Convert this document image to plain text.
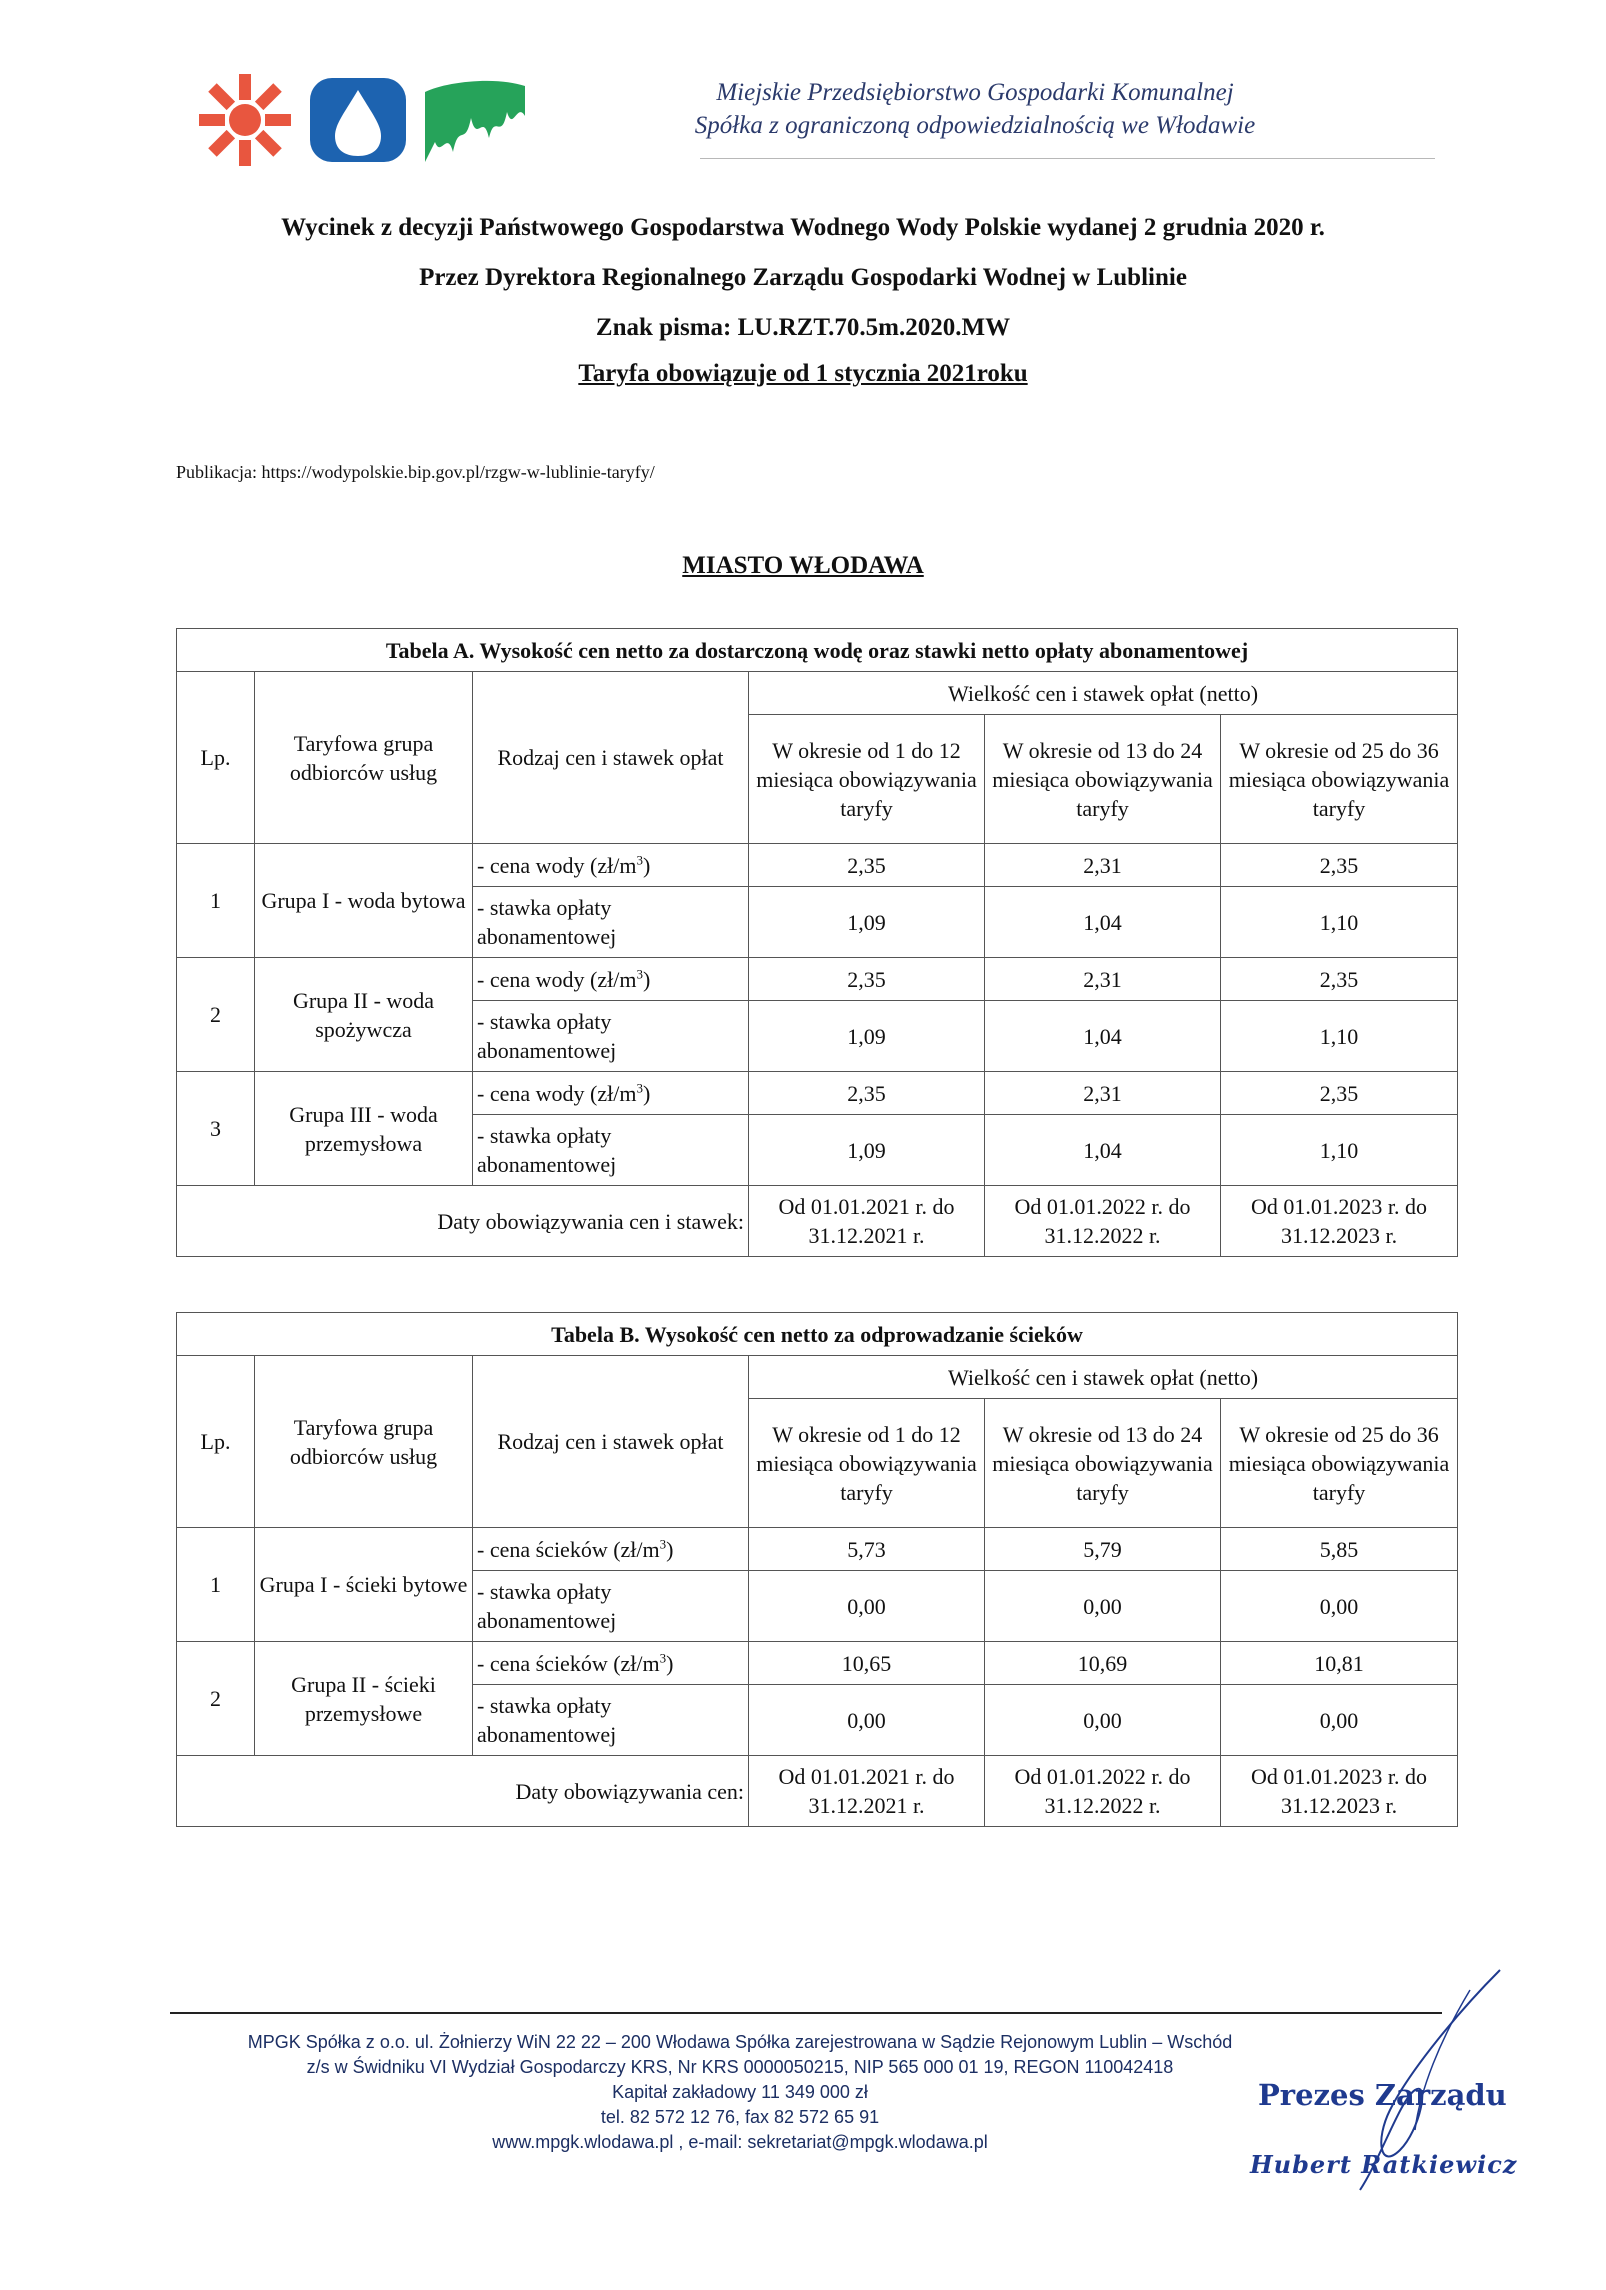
Miejskie Przedsiębiorstwo Gospodarki Komunalnej
Spółka z ograniczoną odpowiedzialnością we Włodawie
Wycinek z decyzji Państwowego Gospodarstwa Wodnego Wody Polskie wydanej 2 grudnia 2020 r.
Przez Dyrektora Regionalnego Zarządu Gospodarki Wodnej w Lublinie
Znak pisma: LU.RZT.70.5m.2020.MW
Taryfa obowiązuje od 1 stycznia 2021roku
Publikacja: https://wodypolskie.bip.gov.pl/rzgw-w-lublinie-taryfy/
MIASTO WŁODAWA
Tabela A. Wysokość cen netto za dostarczoną wodę oraz stawki netto opłaty abonamentowej					
Lp.	Taryfowa grupa odbiorców usług	Rodzaj cen i stawek opłat	Wielkość cen i stawek opłat (netto)		
			W okresie od 1 do 12 miesiąca obowiązywania taryfy	W okresie od 13 do 24 miesiąca obowiązywania taryfy	W okresie od 25 do 36 miesiąca obowiązywania taryfy
1	Grupa I - woda bytowa	- cena wody $(zł/m^3)$	2,35	2,31	2,35
		- stawka opłaty abonamentowej	1,09	1,04	1,10
2	Grupa II - woda spożywcza	- cena wody $(zł/m^3)$	2,35	2,31	2,35
		- stawka opłaty abonamentowej	1,09	1,04	1,10
3	Grupa III - woda przemysłowa	- cena wody $(zł/m^3)$	2,35	2,31	2,35
		- stawka opłaty abonamentowej	1,09	1,04	1,10
Daty obowiązywania cen i stawek:			Od 01.01.2021 r. do 31.12.2021 r.	Od 01.01.2022 r. do 31.12.2022 r.	Od 01.01.2023 r. do 31.12.2023 r.
Tabela B. Wysokość cen netto za odprowadzanie ścieków					
Lp.	Taryfowa grupa odbiorców usług	Rodzaj cen i stawek opłat	Wielkość cen i stawek opłat (netto)		
			W okresie od 1 do 12 miesiąca obowiązywania taryfy	W okresie od 13 do 24 miesiąca obowiązywania taryfy	W okresie od 25 do 36 miesiąca obowiązywania taryfy
1	Grupa I - ścieki bytowe	- cena ścieków $(zł/m^3)$	5,73	5,79	5,85
		- stawka opłaty abonamentowej	0,00	0,00	0,00
2	Grupa II - ścieki przemysłowe	- cena ścieków $(zł/m^3)$	10,65	10,69	10,81
		- stawka opłaty abonamentowej	0,00	0,00	0,00
Daty obowiązywania cen:			Od 01.01.2021 r. do 31.12.2021 r.	Od 01.01.2022 r. do 31.12.2022 r.	Od 01.01.2023 r. do 31.12.2023 r.
MPGK Spółka z o.o. ul. Żołnierzy WiN 22 22 – 200 Włodawa Spółka zarejestrowana w Sądzie Rejonowym Lublin – Wschód
z/s w Świdniku VI Wydział Gospodarczy KRS, Nr KRS 0000050215, NIP 565 000 01 19, REGON 110042418
Kapitał zakładowy 11 349 000 zł
tel. 82 572 12 76, fax 82 572 65 91
www.mpgk.wlodawa.pl , e-mail: sekretariat@mpgk.wlodawa.pl
Prezes Zarządu
Hubert Ratkiewicz
